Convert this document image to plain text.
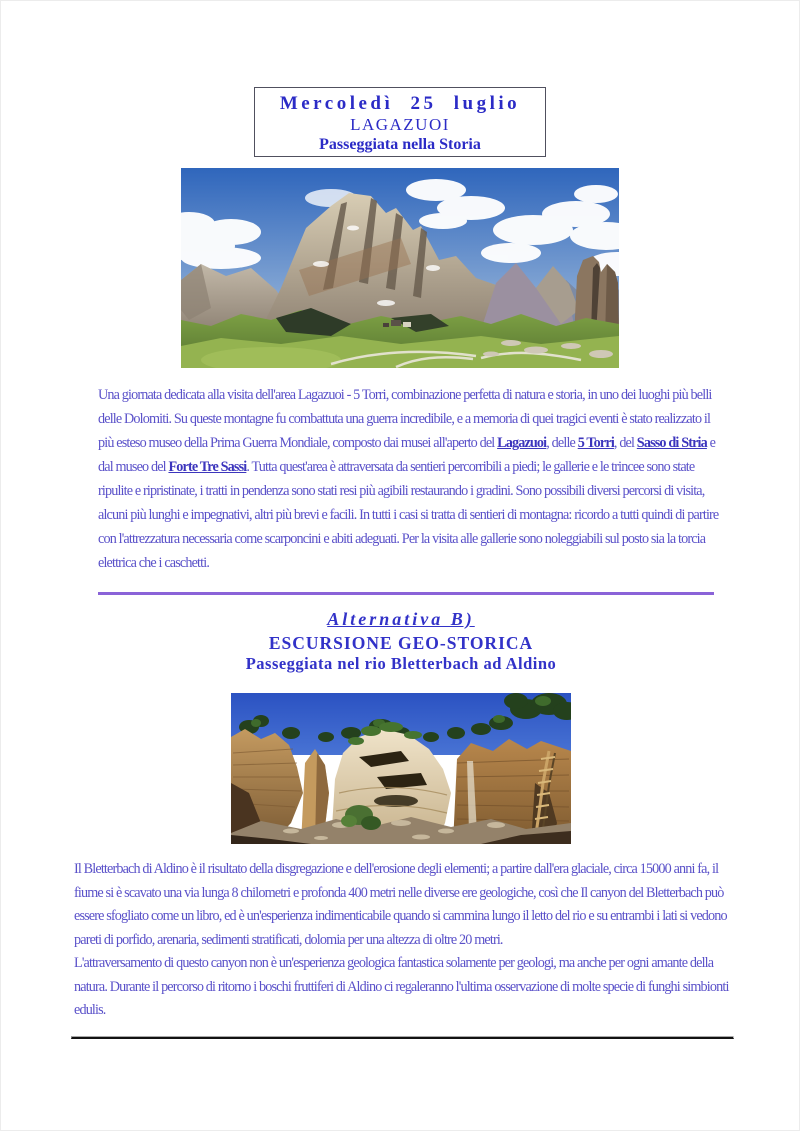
Mercoledì 25 luglio
LAGAZUOI
Passeggiata nella Storia

Una giornata dedicata alla visita dell'area Lagazuoi - 5 Torri, combinazione perfetta di natura e storia, in uno dei luoghi più belli delle Dolomiti. Su queste montagne fu combattuta una guerra incredibile, e a memoria di quei tragici eventi è stato realizzato il più esteso museo della Prima Guerra Mondiale, composto dai musei all'aperto del Lagazuoi, delle 5 Torri, del Sasso di Stria e dal museo del Forte Tre Sassi. Tutta quest'area è attraversata da sentieri percorribili a piedi; le gallerie e le trincee sono state ripulite e ripristinate, i tratti in pendenza sono stati resi più agibili restaurando i gradini. Sono possibili diversi percorsi di visita, alcuni più lunghi e impegnativi, altri più brevi e facili. In tutti i casi si tratta di sentieri di montagna: ricordo a tutti quindi di partire con l'attrezzatura necessaria come scarponcini e abiti adeguati. Per la visita alle gallerie sono noleggiabili sul posto sia la torcia elettrica che i caschetti.

Alternativa B)
ESCURSIONE GEO-STORICA
Passeggiata nel rio Bletterbach ad Aldino

Il Bletterbach di Aldino è il risultato della disgregazione e dell'erosione degli elementi; a partire dall'era glaciale, circa 15000 anni fa, il fiume si è scavato una via lunga 8 chilometri e profonda 400 metri nelle diverse ere geologiche, così che Il canyon del Bletterbach può essere sfogliato come un libro, ed è un'esperienza indimenticabile quando si cammina lungo il letto del rio e su entrambi i lati si vedono pareti di porfido, arenaria, sedimenti stratificati, dolomia per una altezza di oltre 20 metri.

L'attraversamento di questo canyon non è un'esperienza geologica fantastica solamente per geologi, ma anche per ogni amante della natura. Durante il percorso di ritorno i boschi fruttiferi di Aldino ci regaleranno l'ultima osservazione di molte specie di funghi simbionti edulis.
